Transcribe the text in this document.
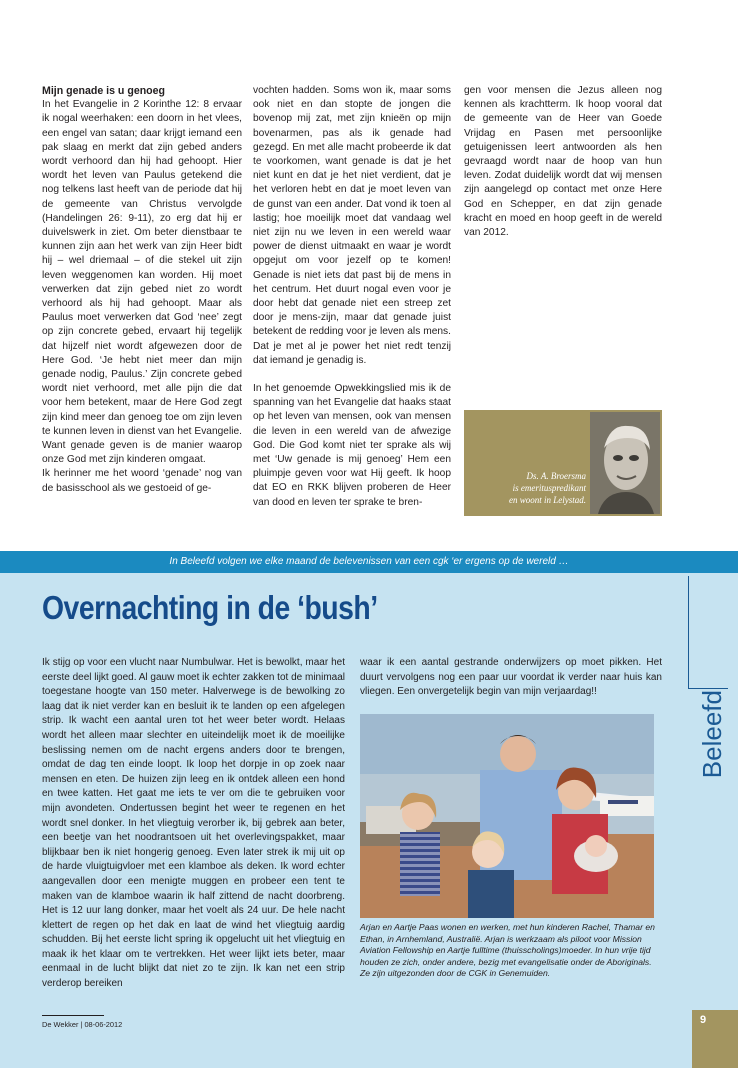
Mijn genade is u genoeg

In het Evangelie in 2 Korinthe 12: 8 ervaar ik nogal weerhaken: een doorn in het vlees, een engel van satan; daar krijgt iemand een pak slaag en merkt dat zijn gebed anders wordt verhoord dan hij had gehoopt. Hier wordt het leven van Paulus getekend die nog telkens last heeft van de periode dat hij de gemeente van Christus vervolgde (Handelingen 26: 9-11), zo erg dat hij er duivelswerk in ziet. Om beter dienstbaar te kunnen zijn aan het werk van zijn Heer bidt hij – wel driemaal – of die stekel uit zijn leven weggenomen kan worden. Hij moet verwerken dat zijn gebed niet zo wordt verhoord als hij had gehoopt. Maar als Paulus moet verwerken dat God ‘nee’ zegt op zijn concrete gebed, ervaart hij tegelijk dat hijzelf niet wordt afgewezen door de Here God. ‘Je hebt niet meer dan mijn genade nodig, Paulus.’ Zijn concrete gebed wordt niet verhoord, met alle pijn die dat voor hem betekent, maar de Here God zegt zijn kind meer dan genoeg toe om zijn leven te kunnen leven in dienst van het Evangelie. Want genade geven is de manier waarop onze God met zijn kinderen omgaat.

Ik herinner me het woord ‘genade’ nog van de basisschool als we gestoeid of ge-

vochten hadden. Soms won ik, maar soms ook niet en dan stopte de jongen die bovenop mij zat, met zijn knieën op mijn bovenarmen, pas als ik genade had gezegd. En met alle macht probeerde ik dat te voorkomen, want genade is dat je het niet kunt en dat je het niet verdient, dat je het verloren hebt en dat je moet leven van de gunst van een ander. Dat vond ik toen al lastig; hoe moeilijk moet dat vandaag wel niet zijn nu we leven in een wereld waar power de dienst uitmaakt en waar je wordt opgejut om voor jezelf op te komen! Genade is niet iets dat past bij de mens in het centrum. Het duurt nogal even voor je door hebt dat genade niet een streep zet door je mens-zijn, maar dat genade juist betekent de redding voor je leven als mens. Dat je met al je power het niet redt tenzij dat iemand je genadig is.

In het genoemde Opwekkingslied mis ik de spanning van het Evangelie dat haaks staat op het leven van mensen, ook van mensen die leven in een wereld van de afwezige God. Die God komt niet ter sprake als wij met ‘Uw genade is mij genoeg’ Hem een pluimpje geven voor wat Hij geeft. Ik hoop dat EO en RKK blijven proberen de Heer van dood en leven ter sprake te bren-

gen voor mensen die Jezus alleen nog kennen als krachtterm. Ik hoop vooral dat de gemeente van de Heer van Goede Vrijdag en Pasen met persoonlijke getuigenissen leert antwoorden als hen gevraagd wordt naar de hoop van hun leven. Zodat duidelijk wordt dat wij mensen zijn aangelegd op contact met onze Here God en Schepper, en dat zijn genade kracht en moed en hoop geeft in de wereld van 2012.

Ds. A. Broersma
is emerituspredikant
en woont in Lelystad.
In Beleefd volgen we elke maand de belevenissen van een cgk ‘er ergens op de wereld …
Overnachting in de ‘bush’
Beleefd

Ik stijg op voor een vlucht naar Numbulwar. Het is bewolkt, maar het eerste deel lijkt goed. Al gauw moet ik echter zakken tot de minimaal toegestane hoogte van 150 meter. Halverwege is de bewolking zo laag dat ik niet verder kan en besluit ik te landen op een afgelegen strip. Ik wacht een aantal uren tot het weer beter wordt. Helaas wordt het alleen maar slechter en uiteindelijk moet ik de moeilijke beslissing nemen om de nacht ergens anders door te brengen, omdat de dag ten einde loopt. Ik loop het dorpje in op zoek naar mensen en eten. De huizen zijn leeg en ik ontdek alleen een hond en twee katten. Het gaat me iets te ver om die te gebruiken voor mijn avondeten. Ondertussen begint het weer te regenen en het wordt snel donker. In het vliegtuig verorber ik, bij gebrek aan beter, een beetje van het noodrantsoen uit het overlevingspakket, maar blijkbaar ben ik niet hongerig genoeg. Even later strek ik mij uit op de harde vluigtuigvloer met een klamboe als deken. Ik word echter aangevallen door een menigte muggen en probeer een tent te maken van de klamboe waarin ik half zittend de nacht doorbreng. Het is 12 uur lang donker, maar het voelt als 24 uur. De hele nacht klettert de regen op het dak en laat de wind het vliegtuig aardig schudden. Bij het eerste licht spring ik opgelucht uit het vliegtuig en maak ik het klaar om te vertrekken. Het weer lijkt iets beter, maar eenmaal in de lucht blijkt dat niet zo te zijn. Ik kan net een strip verderop bereiken

waar ik een aantal gestrande onderwijzers op moet pikken. Het duurt vervolgens nog een paar uur voordat ik verder naar huis kan vliegen. Een onvergetelijk begin van mijn verjaardag!!

Arjan en Aartje Paas wonen en werken, met hun kinderen Rachel, Thamar en Ethan, in Arnhemland, Australië. Arjan is werkzaam als piloot voor Mission Aviation Fellowship en Aartje fulltime (thuisscholings)moeder. In hun vrije tijd houden ze zich, onder andere, bezig met evangelisatie onder de Aboriginals. Ze zijn uitgezonden door de CGK in Genemuiden.
De Wekker | 08-06-2012	9
